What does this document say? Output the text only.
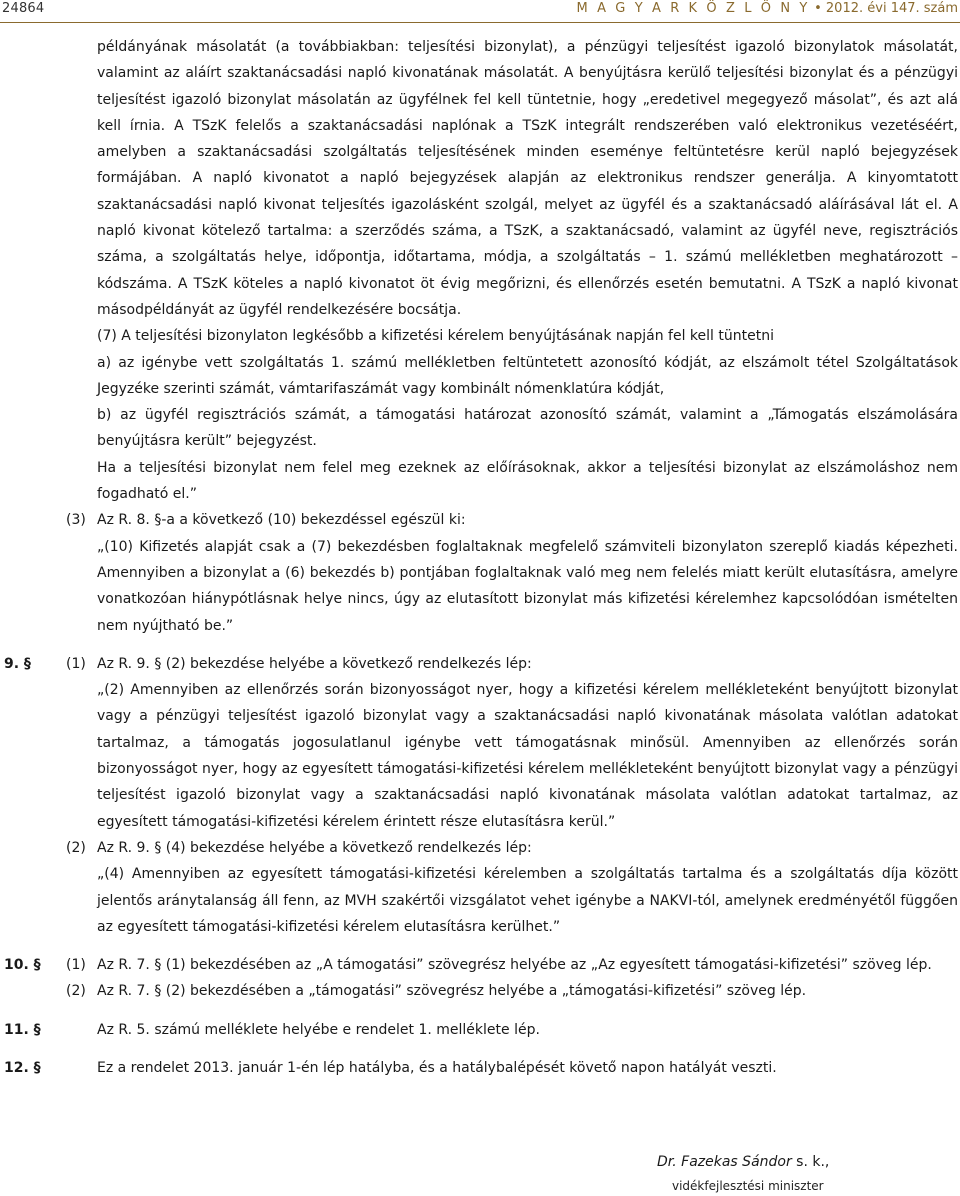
24864	M A G Y A R K Ö Z L Ö N Y • 2012. évi 147. szám
példányának másolatát (a továbbiakban: teljesítési bizonylat), a pénzügyi teljesítést igazoló bizonylatok másolatát, valamint az aláírt szaktanácsadási napló kivonatának másolatát. A benyújtásra kerülő teljesítési bizonylat és a pénzügyi teljesítést igazoló bizonylat másolatán az ügyfélnek fel kell tüntetnie, hogy „eredetivel megegyező másolat”, és azt alá kell írnia. A TSzK felelős a szaktanácsadási naplónak a TSzK integrált rendszerében való elektronikus vezetéséért, amelyben a szaktanácsadási szolgáltatás teljesítésének minden eseménye feltüntetésre kerül napló bejegyzések formájában. A napló kivonatot a napló bejegyzések alapján az elektronikus rendszer generálja. A kinyomtatott szaktanácsadási napló kivonat teljesítés igazolásként szolgál, melyet az ügyfél és a szaktanácsadó aláírásával lát el. A napló kivonat kötelező tartalma: a szerződés száma, a TSzK, a szaktanácsadó, valamint az ügyfél neve, regisztrációs száma, a szolgáltatás helye, időpontja, időtartama, módja, a szolgáltatás – 1. számú mellékletben meghatározott – kódszáma. A TSzK köteles a napló kivonatot öt évig megőrizni, és ellenőrzés esetén bemutatni. A TSzK a napló kivonat másodpéldányát az ügyfél rendelkezésére bocsátja.
(7) A teljesítési bizonylaton legkésőbb a kifizetési kérelem benyújtásának napján fel kell tüntetni
a) az igénybe vett szolgáltatás 1. számú mellékletben feltüntetett azonosító kódját, az elszámolt tétel Szolgáltatások Jegyzéke szerinti számát, vámtarifaszámát vagy kombinált nómenklatúra kódját,
b) az ügyfél regisztrációs számát, a támogatási határozat azonosító számát, valamint a „Támogatás elszámolására benyújtásra került” bejegyzést.
Ha a teljesítési bizonylat nem felel meg ezeknek az előírásoknak, akkor a teljesítési bizonylat az elszámoláshoz nem fogadható el.”
(3) Az R. 8. §-a a következő (10) bekezdéssel egészül ki:
„(10) Kifizetés alapját csak a (7) bekezdésben foglaltaknak megfelelő számviteli bizonylaton szereplő kiadás képezheti. Amennyiben a bizonylat a (6) bekezdés b) pontjában foglaltaknak való meg nem felelés miatt került elutasításra, amelyre vonatkozóan hiánypótlásnak helye nincs, úgy az elutasított bizonylat más kifizetési kérelemhez kapcsolódóan ismételten nem nyújtható be.”
9. §	(1) Az R. 9. § (2) bekezdése helyébe a következő rendelkezés lép:
„(2) Amennyiben az ellenőrzés során bizonyosságot nyer, hogy a kifizetési kérelem mellékleteként benyújtott bizonylat vagy a pénzügyi teljesítést igazoló bizonylat vagy a szaktanácsadási napló kivonatának másolata valótlan adatokat tartalmaz, a támogatás jogosulatlanul igénybe vett támogatásnak minősül. Amennyiben az ellenőrzés során bizonyosságot nyer, hogy az egyesített támogatási-kifizetési kérelem mellékleteként benyújtott bizonylat vagy a pénzügyi teljesítést igazoló bizonylat vagy a szaktanácsadási napló kivonatának másolata valótlan adatokat tartalmaz, az egyesített támogatási-kifizetési kérelem érintett része elutasításra kerül.”
(2) Az R. 9. § (4) bekezdése helyébe a következő rendelkezés lép:
„(4) Amennyiben az egyesített támogatási-kifizetési kérelemben a szolgáltatás tartalma és a szolgáltatás díja között jelentős aránytalanság áll fenn, az MVH szakértői vizsgálatot vehet igénybe a NAKVI-tól, amelynek eredményétől függően az egyesített támogatási-kifizetési kérelem elutasításra kerülhet.”
10. § (1) Az R. 7. § (1) bekezdésében az „A támogatási” szövegrész helyébe az „Az egyesített támogatási-kifizetési” szöveg lép.
(2) Az R. 7. § (2) bekezdésében a „támogatási” szövegrész helyébe a „támogatási-kifizetési” szöveg lép.
11. §	Az R. 5. számú melléklete helyébe e rendelet 1. melléklete lép.
12. §	Ez a rendelet 2013. január 1-én lép hatályba, és a hatálybalépését követő napon hatályát veszti.
Dr. Fazekas Sándor s. k.,
vidékfejlesztési miniszter
